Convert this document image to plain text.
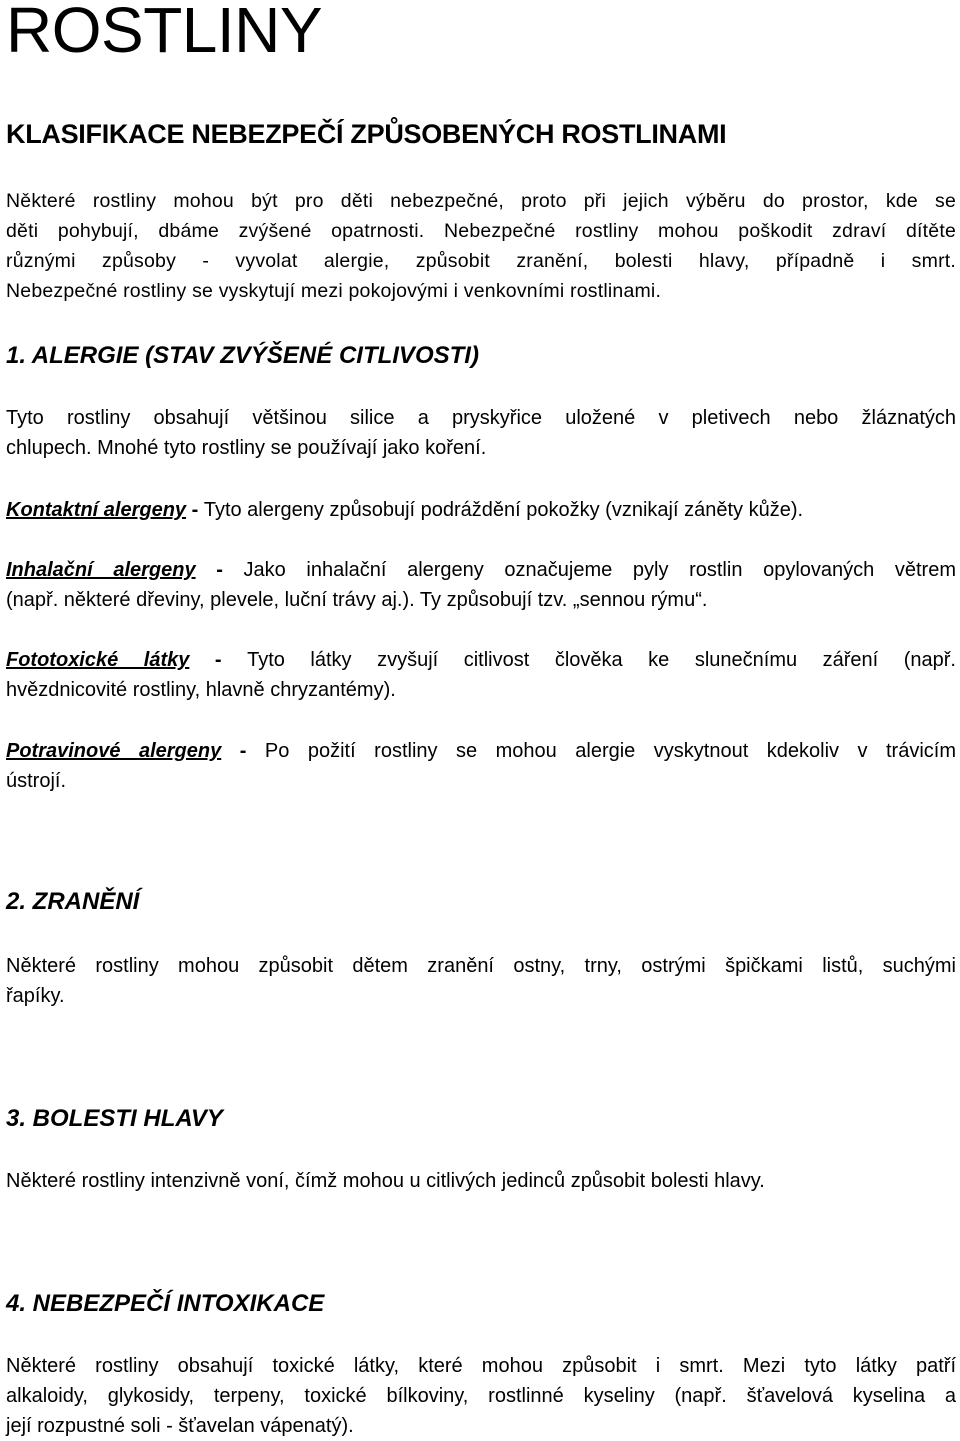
ROSTLINY
KLASIFIKACE NEBEZPEČÍ ZPŮSOBENÝCH ROSTLINAMI

Některé rostliny mohou být pro děti nebezpečné, proto při jejich výběru do prostor, kde se
děti pohybují, dbáme zvýšené opatrnosti. Nebezpečné rostliny mohou poškodit zdraví dítěte
různými způsoby - vyvolat alergie, způsobit zranění, bolesti hlavy, případně i smrt.
Nebezpečné rostliny se vyskytují mezi pokojovými i venkovními rostlinami.

1. ALERGIE (STAV ZVÝŠENÉ CITLIVOSTI)

Tyto rostliny obsahují většinou silice a pryskyřice uložené v pletivech nebo žláznatých
chlupech. Mnohé tyto rostliny se používají jako koření.

Kontaktní alergeny - Tyto alergeny způsobují podráždění pokožky (vznikají záněty kůže).

Inhalační alergeny - Jako inhalační alergeny označujeme pyly rostlin opylovaných větrem
(např. některé dřeviny, plevele, luční trávy aj.). Ty způsobují tzv. „sennou rýmu“.

Fototoxické látky - Tyto látky zvyšují citlivost člověka ke slunečnímu záření (např.
hvězdnicovité rostliny, hlavně chryzantémy).

Potravinové alergeny - Po požití rostliny se mohou alergie vyskytnout kdekoliv v trávicím
ústrojí.

2. ZRANĚNÍ

Některé rostliny mohou způsobit dětem zranění ostny, trny, ostrými špičkami listů, suchými
řapíky.

3. BOLESTI HLAVY

Některé rostliny intenzivně voní, čímž mohou u citlivých jedinců způsobit bolesti hlavy.

4. NEBEZPEČÍ INTOXIKACE

Některé rostliny obsahují toxické látky, které mohou způsobit i smrt. Mezi tyto látky patří
alkaloidy, glykosidy, terpeny, toxické bílkoviny, rostlinné kyseliny (např. šťavelová kyselina a
její rozpustné soli - šťavelan vápenatý).
